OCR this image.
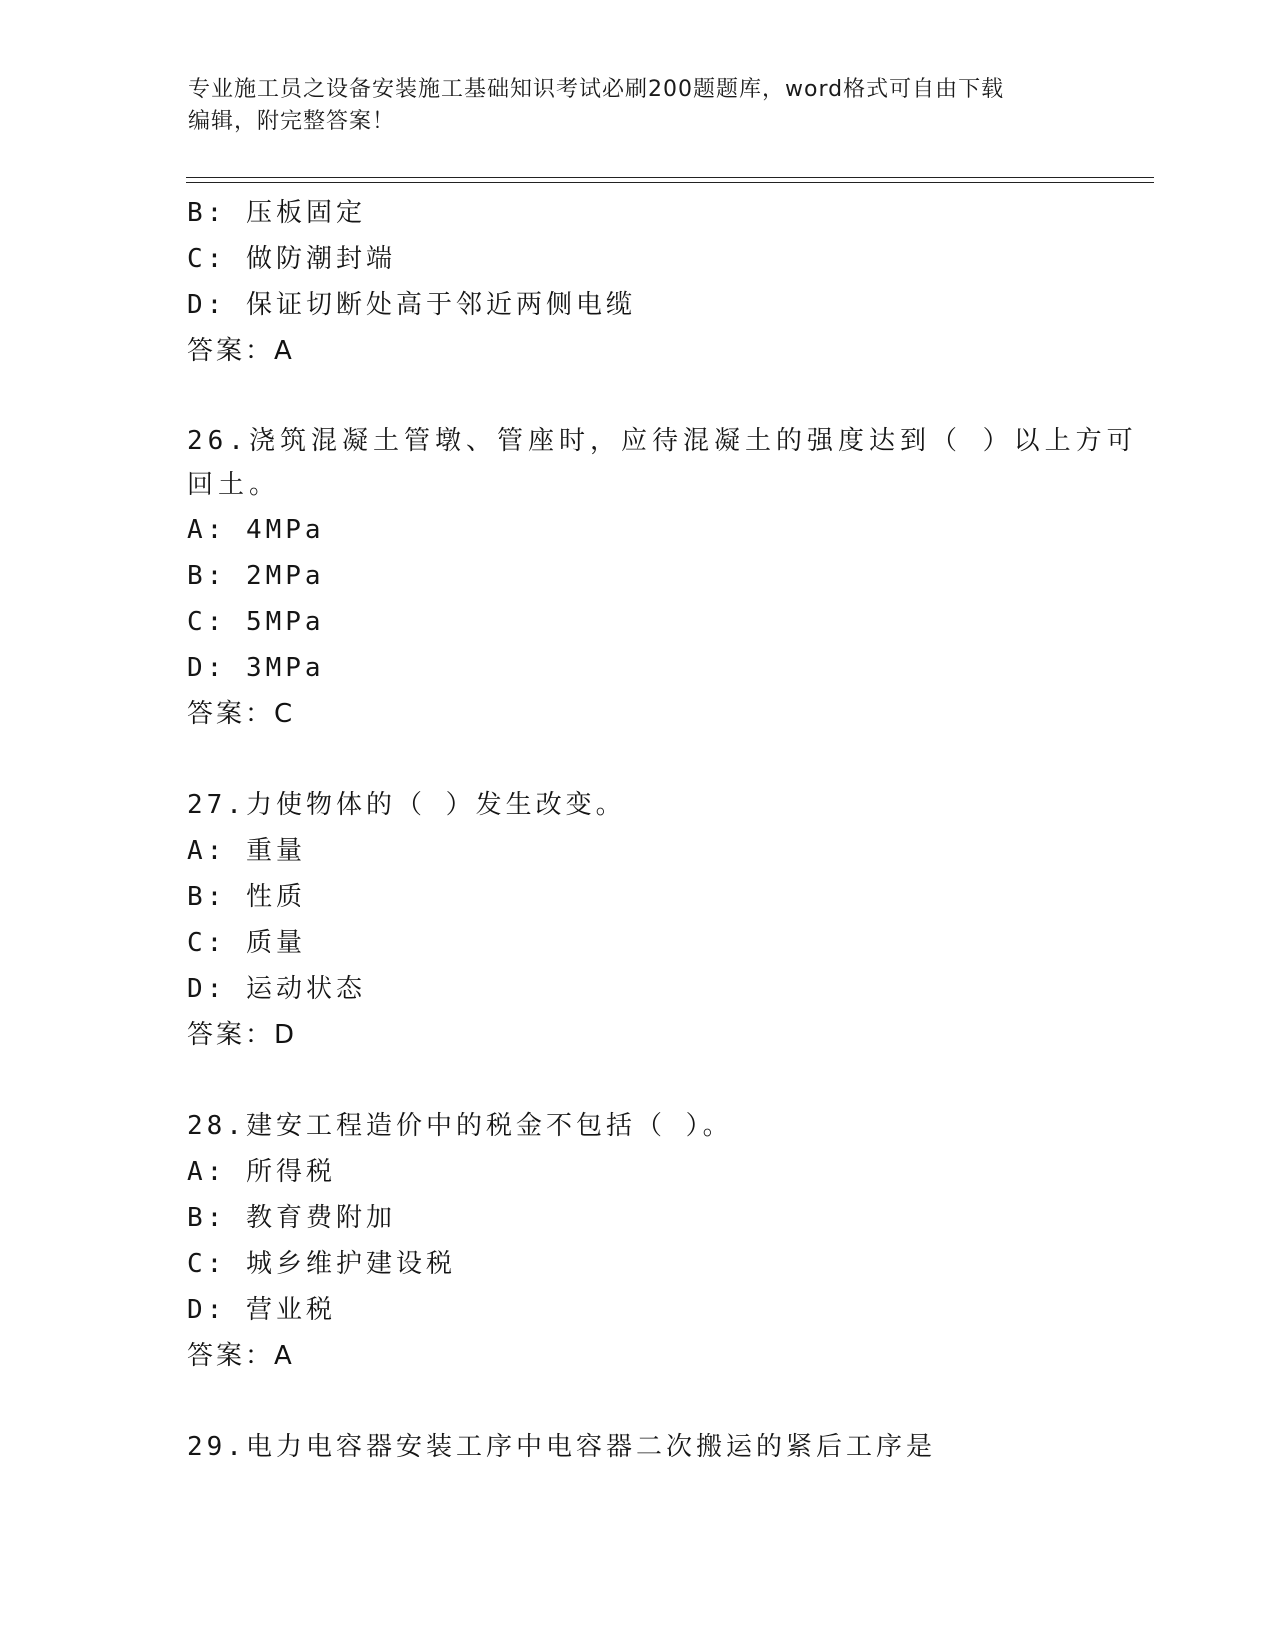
专业施工员之设备安装施工基础知识考试必刷200题题库，word格式可自由下载
编辑，附完整答案！
B: 压板固定
C: 做防潮封端
D: 保证切断处高于邻近两侧电缆
答案：A
26.浇筑混凝土管墩、管座时，应待混凝土的强度达到（ ）以上方可回土。
A: 4MPa
B: 2MPa
C: 5MPa
D: 3MPa
答案：C
27.力使物体的（ ）发生改变。
A: 重量
B: 性质
C: 质量
D: 运动状态
答案：D
28.建安工程造价中的税金不包括（ ）。
A: 所得税
B: 教育费附加
C: 城乡维护建设税
D: 营业税
答案：A
29.电力电容器安装工序中电容器二次搬运的紧后工序是
